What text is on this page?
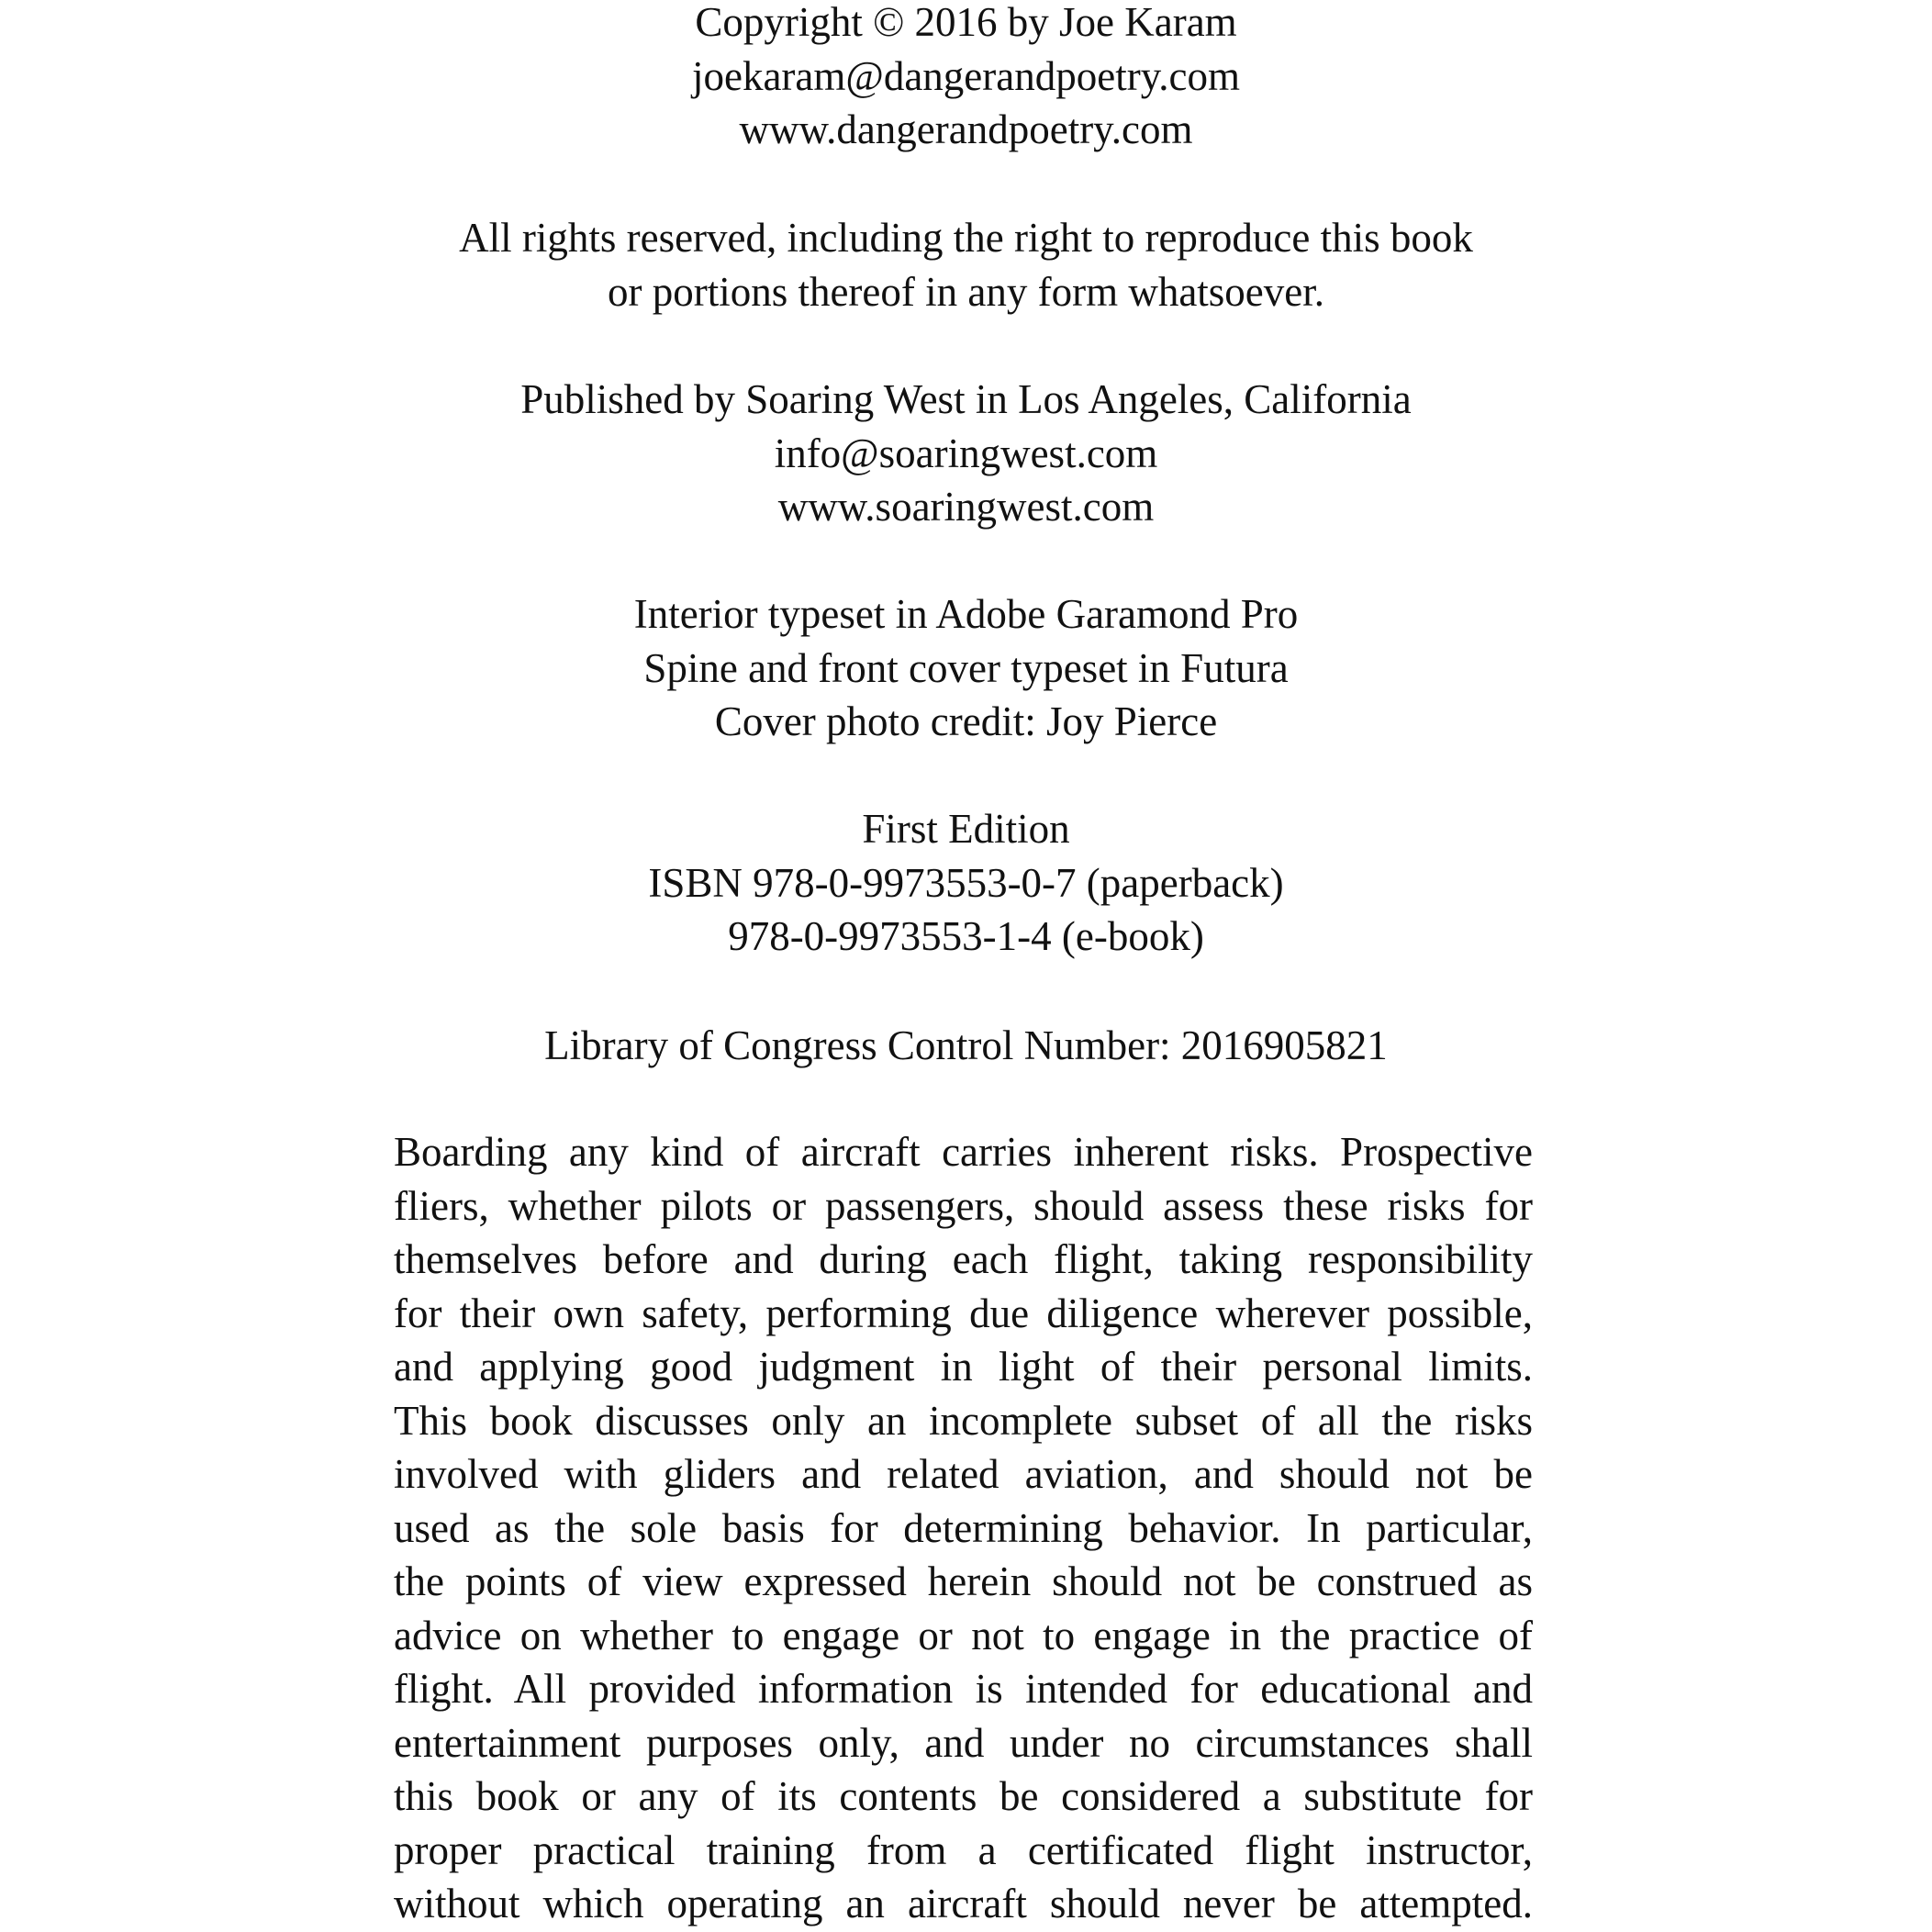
Copyright © 2016 by Joe Karam
joekaram@dangerandpoetry.com
www.dangerandpoetry.com
All rights reserved, including the right to reproduce this book
or portions thereof in any form whatsoever.
Published by Soaring West in Los Angeles, California
info@soaringwest.com
www.soaringwest.com
Interior typeset in Adobe Garamond Pro
Spine and front cover typeset in Futura
Cover photo credit: Joy Pierce
First Edition
ISBN 978-0-9973553-0-7 (paperback)
978-0-9973553-1-4 (e-book)
Library of Congress Control Number: 2016905821
Boarding any kind of aircraft carries inherent risks. Prospective
fliers, whether pilots or passengers, should assess these risks for
themselves before and during each flight, taking responsibility
for their own safety, performing due diligence wherever possible,
and applying good judgment in light of their personal limits.
This book discusses only an incomplete subset of all the risks
involved with gliders and related aviation, and should not be
used as the sole basis for determining behavior. In particular,
the points of view expressed herein should not be construed as
advice on whether to engage or not to engage in the practice of
flight. All provided information is intended for educational and
entertainment purposes only, and under no circumstances shall
this book or any of its contents be considered a substitute for
proper practical training from a certificated flight instructor,
without which operating an aircraft should never be attempted.
